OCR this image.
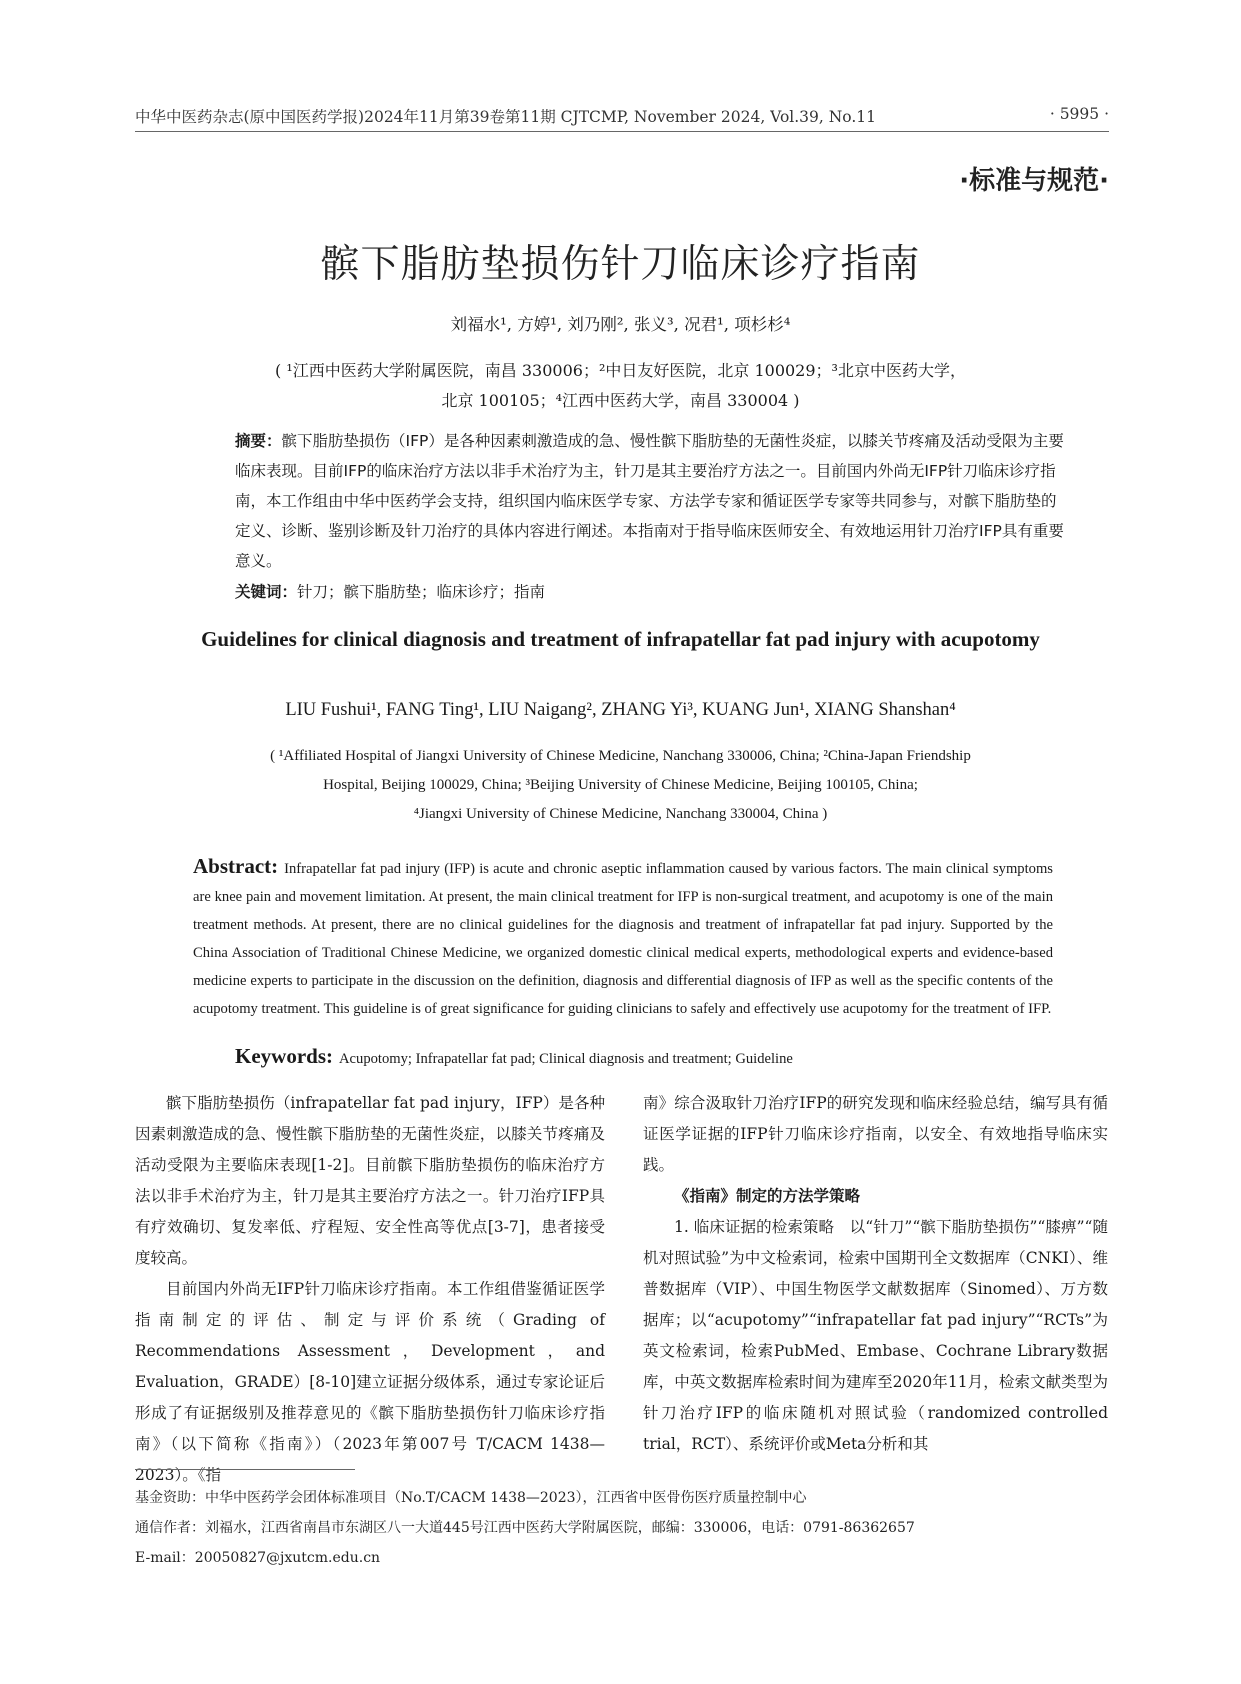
中华中医药杂志(原中国医药学报)2024年11月第39卷第11期 CJTCMP, November 2024, Vol.39, No.11	· 5995 ·
·标准与规范·
髌下脂肪垫损伤针刀临床诊疗指南
刘福水¹, 方婷¹, 刘乃刚², 张义³, 况君¹, 项杉杉⁴
( ¹江西中医药大学附属医院，南昌 330006；²中日友好医院，北京 100029；³北京中医药大学，
北京 100105；⁴江西中医药大学，南昌 330004 )
摘要：髌下脂肪垫损伤（IFP）是各种因素刺激造成的急、慢性髌下脂肪垫的无菌性炎症，以膝关节疼痛及活动受限为主要临床表现。目前IFP的临床治疗方法以非手术治疗为主，针刀是其主要治疗方法之一。目前国内外尚无IFP针刀临床诊疗指南，本工作组由中华中医药学会支持，组织国内临床医学专家、方法学专家和循证医学专家等共同参与，对髌下脂肪垫的定义、诊断、鉴别诊断及针刀治疗的具体内容进行阐述。本指南对于指导临床医师安全、有效地运用针刀治疗IFP具有重要意义。
关键词：针刀；髌下脂肪垫；临床诊疗；指南
Guidelines for clinical diagnosis and treatment of infrapatellar fat pad injury with acupotomy
LIU Fushui¹, FANG Ting¹, LIU Naigang², ZHANG Yi³, KUANG Jun¹, XIANG Shanshan⁴
( ¹Affiliated Hospital of Jiangxi University of Chinese Medicine, Nanchang 330006, China; ²China-Japan Friendship
Hospital, Beijing 100029, China; ³Beijing University of Chinese Medicine, Beijing 100105, China;
⁴Jiangxi University of Chinese Medicine, Nanchang 330004, China )
Abstract: Infrapatellar fat pad injury (IFP) is acute and chronic aseptic inflammation caused by various factors. The main clinical symptoms are knee pain and movement limitation. At present, the main clinical treatment for IFP is non-surgical treatment, and acupotomy is one of the main treatment methods. At present, there are no clinical guidelines for the diagnosis and treatment of infrapatellar fat pad injury. Supported by the China Association of Traditional Chinese Medicine, we organized domestic clinical medical experts, methodological experts and evidence-based medicine experts to participate in the discussion on the definition, diagnosis and differential diagnosis of IFP as well as the specific contents of the acupotomy treatment. This guideline is of great significance for guiding clinicians to safely and effectively use acupotomy for the treatment of IFP.
Keywords: Acupotomy; Infrapatellar fat pad; Clinical diagnosis and treatment; Guideline

髌下脂肪垫损伤（infrapatellar fat pad injury，IFP）是各种因素刺激造成的急、慢性髌下脂肪垫的无菌性炎症，以膝关节疼痛及活动受限为主要临床表现[1-2]。目前髌下脂肪垫损伤的临床治疗方法以非手术治疗为主，针刀是其主要治疗方法之一。针刀治疗IFP具有疗效确切、复发率低、疗程短、安全性高等优点[3-7]，患者接受度较高。

目前国内外尚无IFP针刀临床诊疗指南。本工作组借鉴循证医学指南制定的评估、制定与评价系统（Grading of Recommendations Assessment，Development，and Evaluation，GRADE）[8-10]建立证据分级体系，通过专家论证后形成了有证据级别及推荐意见的《髌下脂肪垫损伤针刀临床诊疗指南》（以下简称《指南》）（2023年第007号 T/CACM 1438—2023）。《指

南》综合汲取针刀治疗IFP的研究发现和临床经验总结，编写具有循证医学证据的IFP针刀临床诊疗指南，以安全、有效地指导临床实践。

《指南》制定的方法学策略

1. 临床证据的检索策略　以“针刀”“髌下脂肪垫损伤”“膝痹”“随机对照试验”为中文检索词，检索中国期刊全文数据库（CNKI）、维普数据库（VIP）、中国生物医学文献数据库（Sinomed）、万方数据库；以“acupotomy”“infrapatellar fat pad injury”“RCTs”为英文检索词，检索PubMed、Embase、Cochrane Library数据库，中英文数据库检索时间为建库至2020年11月，检索文献类型为针刀治疗IFP的临床随机对照试验（randomized controlled trial，RCT）、系统评价或Meta分析和其

基金资助：中华中医药学会团体标准项目（No.T/CACM 1438—2023），江西省中医骨伤医疗质量控制中心
通信作者：刘福水，江西省南昌市东湖区八一大道445号江西中医药大学附属医院，邮编：330006，电话：0791-86362657
E-mail：20050827@jxutcm.edu.cn
